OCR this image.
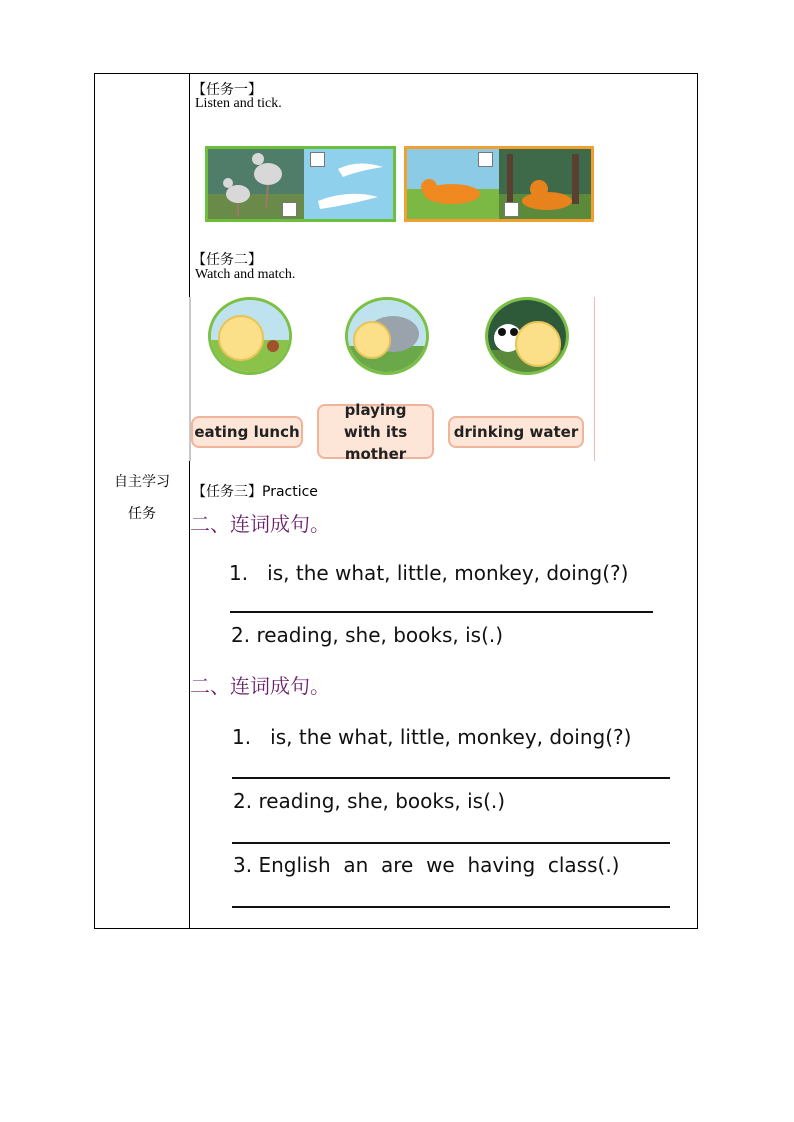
自主学习
任务
【任务一】
Listen and tick.
【任务二】
Watch and match.
eating lunch
playing with its mother
drinking water
【任务三】Practice
二、连词成句。
1.   is, the what, little, monkey, doing(?)
2. reading, she, books, is(.)
二、连词成句。
1.   is, the what, little, monkey, doing(?)
2. reading, she, books, is(.)
3. English  an  are  we  having  class(.)
